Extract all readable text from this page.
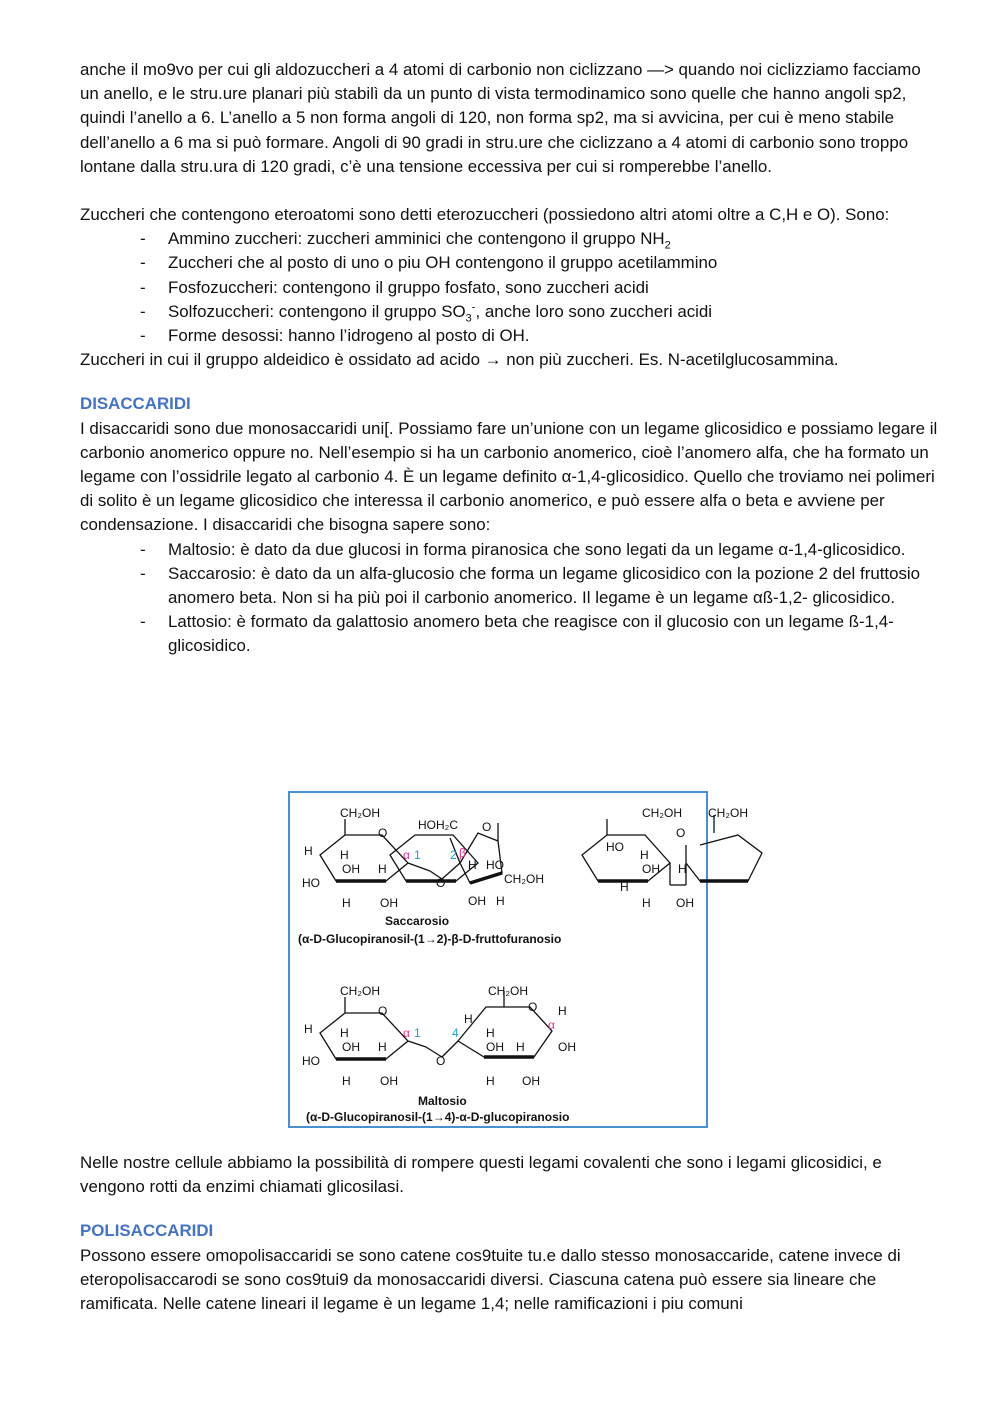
anche il mo9vo per cui gli aldozuccheri a 4 atomi di carbonio non ciclizzano —> quando noi ciclizziamo facciamo un anello, e le stru.ure planari più stabilì da un punto di vista termodinamico sono quelle che hanno angoli sp2, quindi l’anello a 6. L’anello a 5 non forma angoli di 120, non forma sp2, ma si avvicina, per cui è meno stabile dell’anello a 6 ma si può formare. Angoli di 90 gradi in stru.ure che ciclizzano a 4 atomi di carbonio sono troppo lontane dalla stru.ura di 120 gradi, c’è una tensione eccessiva per cui si romperebbe l’anello.

Zuccheri che contengono eteroatomi sono detti eterozuccheri (possiedono altri atomi oltre a C,H e O). Sono:

- Ammino zuccheri: zuccheri amminici che contengono il gruppo $NH_2$
- Zuccheri che al posto di uno o piu OH contengono il gruppo acetilammino
- Fosfozuccheri: contengono il gruppo fosfato, sono zuccheri acidi
- Solfozuccheri: contengono il gruppo $SO_3^-$, anche loro sono zuccheri acidi
- Forme desossi: hanno l’idrogeno al posto di OH.

Zuccheri in cui il gruppo aldeidico è ossidato ad acido → non più zuccheri. Es. N-acetilglucosammina.

DISACCARIDI

I disaccaridi sono due monosaccaridi uni[. Possiamo fare un’unione con un legame glicosidico e possiamo legare il carbonio anomerico oppure no. Nell’esempio si ha un carbonio anomerico, cioè l’anomero alfa, che ha formato un legame con l’ossidrile legato al carbonio 4. È un legame definito α-1,4-glicosidico. Quello che troviamo nei polimeri di solito è un legame glicosidico che interessa il carbonio anomerico, e può essere alfa o beta e avviene per condensazione. I disaccaridi che bisogna sapere sono:

- Maltosio: è dato da due glucosi in forma piranosica che sono legati da un legame α-1,4-glicosidico.
- Saccarosio: è dato da un alfa-glucosio che forma un legame glicosidico con la pozione 2 del fruttosio anomero beta. Non si ha più poi il carbonio anomerico. Il legame è un legame αß-1,2- glicosidico.
- Lattosio: è formato da galattosio anomero beta che reagisce con il glucosio con un legame ß-1,4-glicosidico.
CH₂OH
O
HOH₂C O
H H
OH H
HO
H OH
α 1
O
2 β
H HO
CH₂OH
OH H
Saccarosio
(α-D-Glucopiranosil-(1→2)-β-D-fruttofuranosio
CH₂OH CH₂OH
HO
H
OH H
H
H OH
O
CH₂OH	CH₂OH
O	O
H H
OH H
HO
H OH
α 1
O
4
H
H
OH H
α
H
OH
H OH
Maltosio
(α-D-Glucopiranosil-(1→4)-α-D-glucopiranosio

Nelle nostre cellule abbiamo la possibilità di rompere questi legami covalenti che sono i legami glicosidici, e vengono rotti da enzimi chiamati glicosilasi.

POLISACCARIDI

Possono essere omopolisaccaridi se sono catene cos9tuite tu.e dallo stesso monosaccaride, catene invece di eteropolisaccarodi se sono cos9tui9 da monosaccaridi diversi. Ciascuna catena può essere sia lineare che ramificata. Nelle catene lineari il legame è un legame 1,4; nelle ramificazioni i piu comuni
